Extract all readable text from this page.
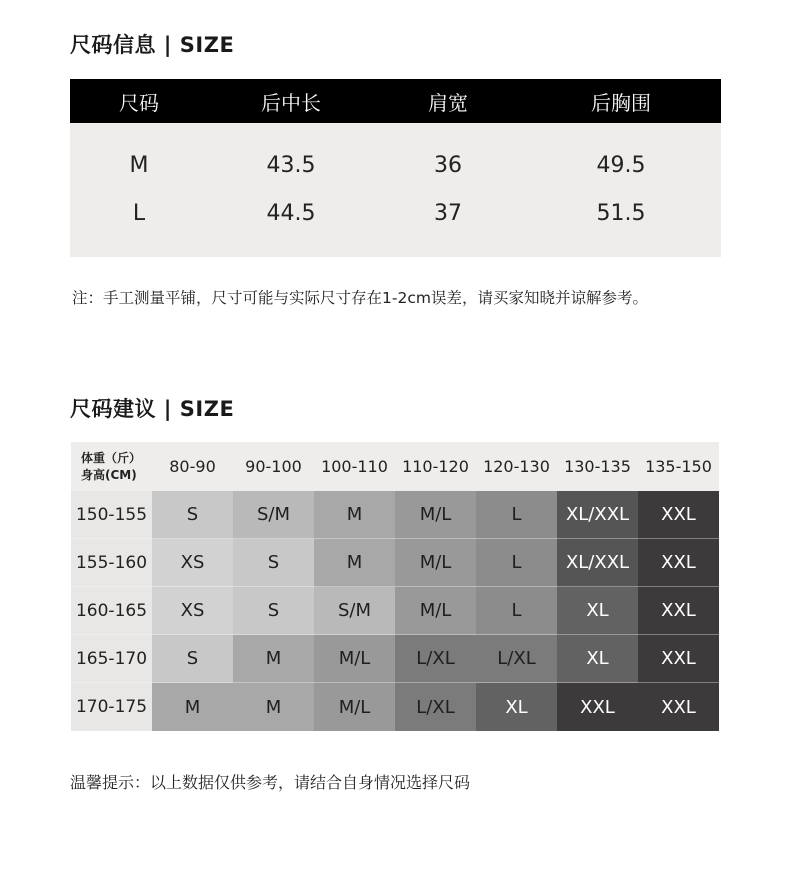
尺码信息 | SIZE
尺码	后中长	肩宽	后胸围
M	43.5	36	49.5
L	44.5	37	51.5
注：手工测量平铺，尺寸可能与实际尺寸存在1-2cm误差，请买家知晓并谅解参考。
尺码建议 | SIZE
体重（斤）
身高(CM)	80-90	90-100	100-110 110-120 120-130 130-135 135-150
150-155	S	S/M	M	M/L	L	XL/XXL	XXL
155-160	XS	S	M	M/L	L	XL/XXL	XXL
160-165	XS	S	S/M	M/L	L	XL	XXL
165-170	S	M	M/L	L/XL	L/XL	XL	XXL
170-175	M	M	M/L	L/XL	XL	XXL	XXL
温馨提示：以上数据仅供参考，请结合自身情况选择尺码
